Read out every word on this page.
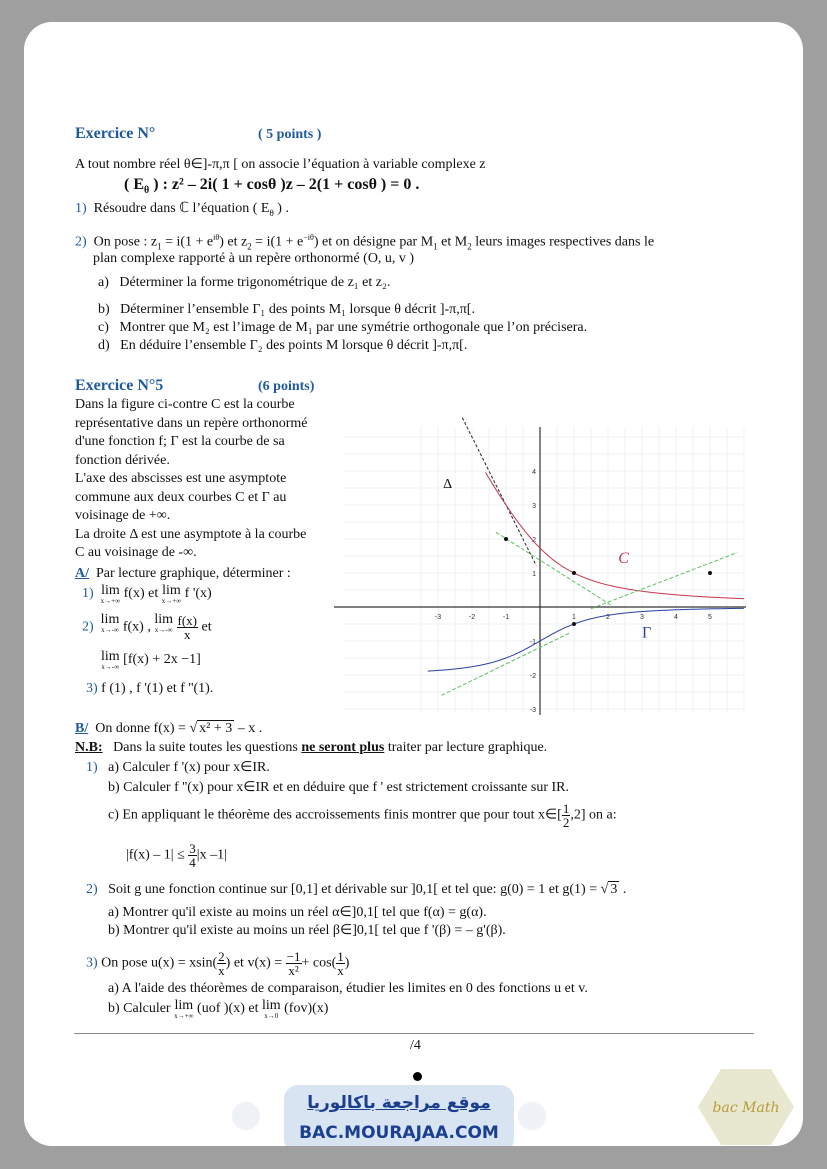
Exercice N°	( 5 points )
A tout nombre réel θ∈]-π,π [ on associe l’équation à variable complexe z
( $E_\theta$ ) : z² – 2i( 1 + cosθ )z – 2(1 + cosθ ) = 0 .
1) Résoudre dans ℂ l’équation ( $E_\theta$ ) .
2) On pose : $z_1 = i(1 + e^{i\theta})$ et $z_2 = i(1 + e^{-i\theta})$ et on désigne par $M_1$ et $M_2$ leurs images respectives dans le
plan complexe rapporté à un repère orthonormé (O, u, v )
a) Déterminer la forme trigonométrique de z₁ et z₂.
b) Déterminer l’ensemble Γ₁ des points M₁ lorsque θ décrit ]-π,π[.
c) Montrer que M₂ est l’image de M₁ par une symétrie orthogonale que l’on précisera.
d) En déduire l’ensemble Γ₂ des points M lorsque θ décrit ]-π,π[.
Exercice N°5	(6 points)
Dans la figure ci-contre C est la courbe
représentative dans un repère orthonormé
d'une fonction f; Γ est la courbe de sa
fonction dérivée.
L'axe des abscisses est une asymptote
commune aux deux courbes C et Γ au
voisinage de +∞.
La droite Δ est une asymptote à la courbe
C au voisinage de -∞.
A/ Par lecture graphique, déterminer :
1) lim
x→+∞ f(x) et lim
x→+∞ f '(x)
2)
lim
x→-∞ f(x) ,
lim
x→-∞
$\frac{f(x)}{x}$ et
lim
x→-∞ [f(x) + 2x −1]
3) f (1) , f '(1) et f ''(1).
-3	-2	-1	1	2	3	4	5
4
3
2
1
-1
-2
-3
Δ
C
Γ
B/ On donne f(x) = √ x² + 3 – x .
N.B: Dans la suite toutes les questions ne seront plus traiter par lecture graphique.
1) a) Calculer f '(x) pour x∈IR.
b) Calculer f ''(x) pour x∈IR et en déduire que f ' est strictement croissante sur IR.
c) En appliquant le théorème des accroissements finis montrer que pour tout x∈[ $\frac{1}{2} ,2$] on a:
$|f(x) - 1| \le \frac{3}{4} |x$ –1|
2) Soit g une fonction continue sur [0,1] et dérivable sur ]0,1[ et tel que: g(0) = 1 et g(1) = √ 3 .
a) Montrer qu'il existe au moins un réel α∈]0,1[ tel que f(α) = g(α).
b) Montrer qu'il existe au moins un réel β∈]0,1[ tel que f '(β) = – g'(β).
3) On pose $u(x) = xsin( \frac{2}{x}$ ) et $v(x) = \frac{-1}{\text{x²}} + \cos( \frac{1}{x}$ )
a) A l'aide des théorèmes de comparaison, étudier les limites en 0 des fonctions u et v.
b) Calculer lim
x→+∞ (uof )(x) et lim
x→0 (fov)(x)
/4
موقع مراجعة باكالوريا
BAC.MOURAJAA.COM
bac Math
